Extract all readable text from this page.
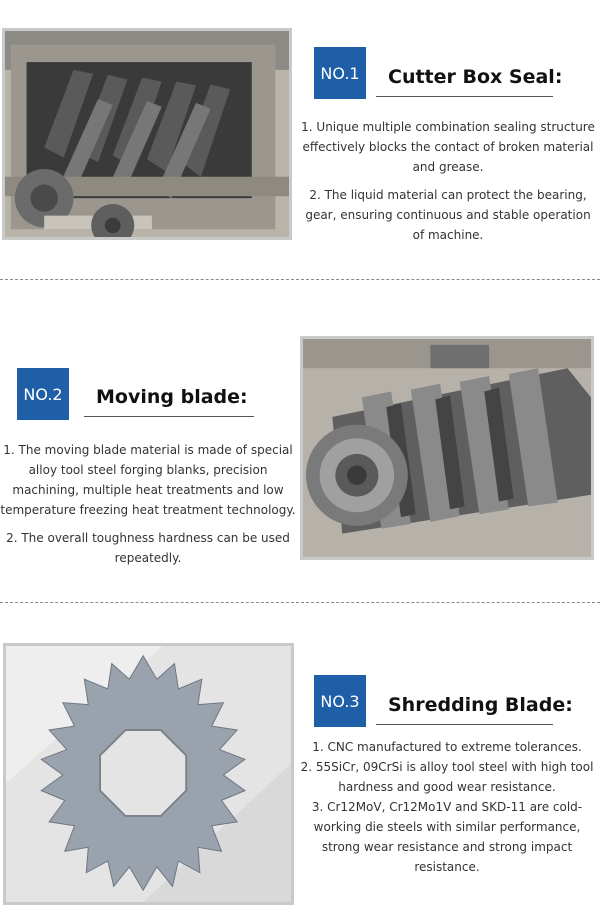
NO.1	Cutter Box Seal:

1. Unique multiple combination sealing structure effectively blocks the contact of broken material and grease.

2. The liquid material can protect the bearing, gear, ensuring continuous and stable operation of machine.

NO.2	Moving blade:

1. The moving blade material is made of special alloy tool steel forging blanks, precision machining, multiple heat treatments and low temperature freezing heat treatment technology.

2. The overall toughness hardness can be used repeatedly.

NO.3	Shredding Blade:

1. CNC manufactured to extreme tolerances.

2. 55SiCr, 09CrSi is alloy tool steel with high tool hardness and good wear resistance.

3. Cr12MoV, Cr12Mo1V and SKD-11 are cold-working die steels with similar performance, strong wear resistance and strong impact resistance.
